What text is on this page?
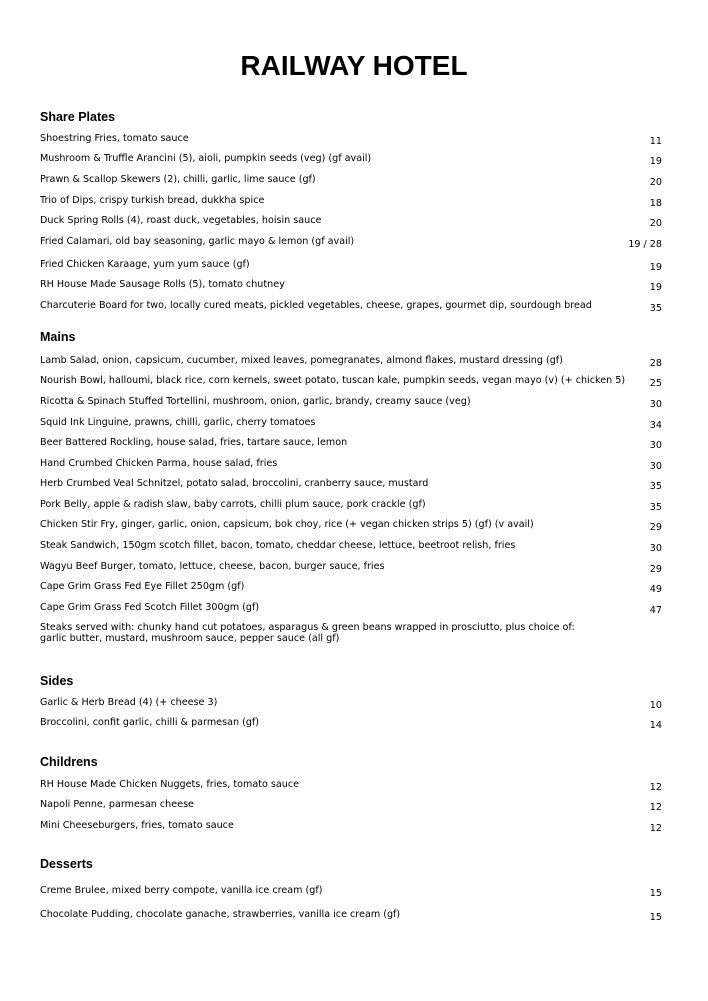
RAILWAY HOTEL
Share Plates
Shoestring Fries, tomato sauce	11
Mushroom & Truffle Arancini (5), aioli, pumpkin seeds (veg) (gf avail)	19
Prawn & Scallop Skewers (2), chilli, garlic, lime sauce (gf)	20
Trio of Dips, crispy turkish bread, dukkha spice	18
Duck Spring Rolls (4), roast duck, vegetables, hoisin sauce	20
Fried Calamari, old bay seasoning, garlic mayo & lemon (gf avail)	19 / 28
Fried Chicken Karaage, yum yum sauce (gf)	19
RH House Made Sausage Rolls (5), tomato chutney	19
Charcuterie Board for two, locally cured meats, pickled vegetables, cheese, grapes, gourmet dip, sourdough bread	35
Mains
Lamb Salad, onion, capsicum, cucumber, mixed leaves, pomegranates, almond flakes, mustard dressing (gf)	28
Nourish Bowl, halloumi, black rice, corn kernels, sweet potato, tuscan kale, pumpkin seeds, vegan mayo (v) (+ chicken 5)	25
Ricotta & Spinach Stuffed Tortellini, mushroom, onion, garlic, brandy, creamy sauce (veg)	30
Squid Ink Linguine, prawns, chilli, garlic, cherry tomatoes	34
Beer Battered Rockling, house salad, fries, tartare sauce, lemon	30
Hand Crumbed Chicken Parma, house salad, fries	30
Herb Crumbed Veal Schnitzel, potato salad, broccolini, cranberry sauce, mustard	35
Pork Belly, apple & radish slaw, baby carrots, chilli plum sauce, pork crackle (gf)	35
Chicken Stir Fry, ginger, garlic, onion, capsicum, bok choy, rice (+ vegan chicken strips 5) (gf) (v avail)	29
Steak Sandwich, 150gm scotch fillet, bacon, tomato, cheddar cheese, lettuce, beetroot relish, fries	30
Wagyu Beef Burger, tomato, lettuce, cheese, bacon, burger sauce, fries	29
Cape Grim Grass Fed Eye Fillet 250gm (gf)	49
Cape Grim Grass Fed Scotch Fillet 300gm (gf)	47
Steaks served with: chunky hand cut potatoes, asparagus & green beans wrapped in prosciutto, plus choice of: garlic butter, mustard, mushroom sauce, pepper sauce (all gf)
Sides
Garlic & Herb Bread (4) (+ cheese 3)	10
Broccolini, confit garlic, chilli & parmesan (gf)	14
Childrens
RH House Made Chicken Nuggets, fries, tomato sauce	12
Napoli Penne, parmesan cheese	12
Mini Cheeseburgers, fries, tomato sauce	12
Desserts
Creme Brulee, mixed berry compote, vanilla ice cream (gf)	15
Chocolate Pudding, chocolate ganache, strawberries, vanilla ice cream (gf)	15
